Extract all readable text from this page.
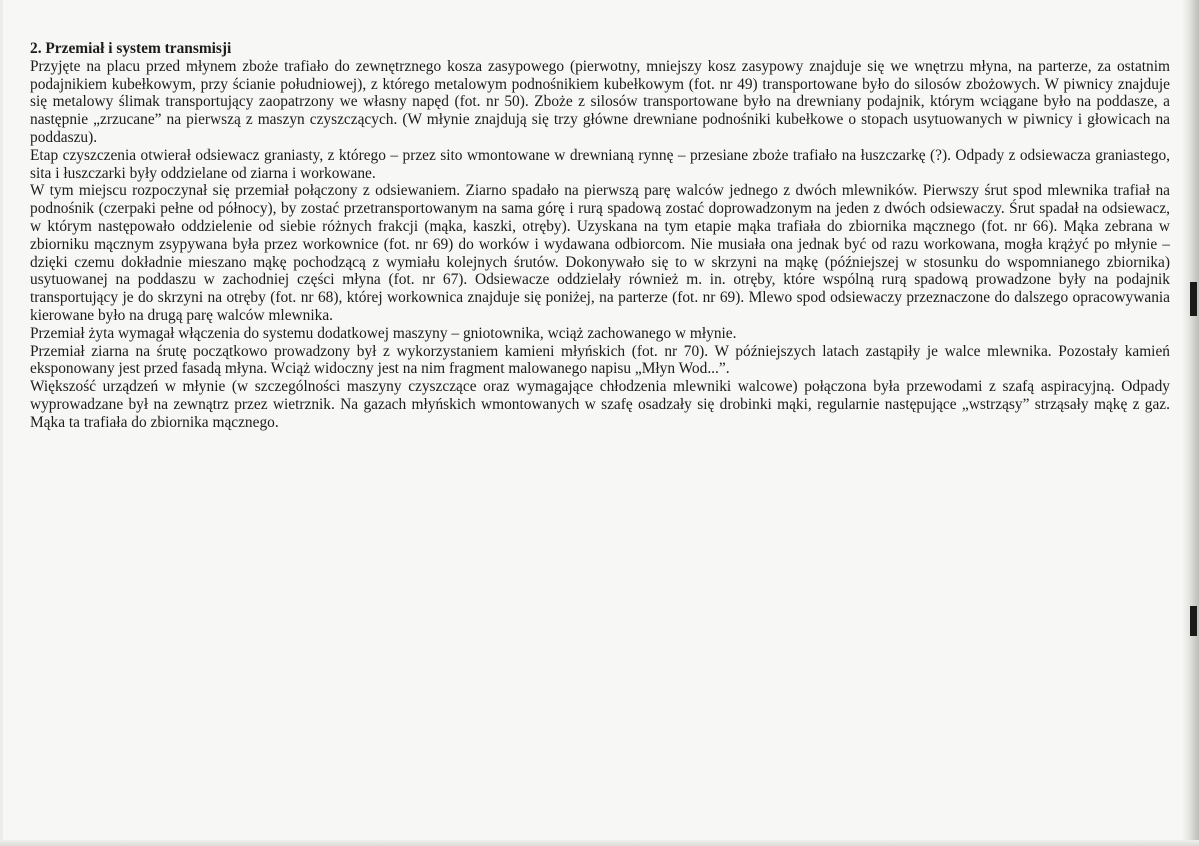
2. Przemiał i system transmisji

Przyjęte na placu przed młynem zboże trafiało do zewnętrznego kosza zasypowego (pierwotny, mniejszy kosz zasypowy znajduje się we wnętrzu młyna, na parterze, za ostatnim podajnikiem kubełkowym, przy ścianie południowej), z którego metalowym podnośnikiem kubełkowym (fot. nr 49) transportowane było do silosów zbożowych. W piwnicy znajduje się metalowy ślimak transportujący zaopatrzony we własny napęd (fot. nr 50). Zboże z silosów transportowane było na drewniany podajnik, którym wciągane było na poddasze, a następnie „zrzucane” na pierwszą z maszyn czyszczących. (W młynie znajdują się trzy główne drewniane podnośniki kubełkowe o stopach usytuowanych w piwnicy i głowicach na poddaszu).

Etap czyszczenia otwierał odsiewacz graniasty, z którego – przez sito wmontowane w drewnianą rynnę – przesiane zboże trafiało na łuszczarkę (?). Odpady z odsiewacza graniastego, sita i łuszczarki były oddzielane od ziarna i workowane.

W tym miejscu rozpoczynał się przemiał połączony z odsiewaniem. Ziarno spadało na pierwszą parę walców jednego z dwóch mlewników. Pierwszy śrut spod mlewnika trafiał na podnośnik (czerpaki pełne od północy), by zostać przetransportowanym na sama górę i rurą spadową zostać doprowadzonym na jeden z dwóch odsiewaczy. Śrut spadał na odsiewacz, w którym następowało oddzielenie od siebie różnych frakcji (mąka, kaszki, otręby). Uzyskana na tym etapie mąka trafiała do zbiornika mącznego (fot. nr 66). Mąka zebrana w zbiorniku mącznym zsypywana była przez workownice (fot. nr 69) do worków i wydawana odbiorcom. Nie musiała ona jednak być od razu workowana, mogła krążyć po młynie – dzięki czemu dokładnie mieszano mąkę pochodzącą z wymiału kolejnych śrutów. Dokonywało się to w skrzyni na mąkę (późniejszej w stosunku do wspomnianego zbiornika) usytuowanej na poddaszu w zachodniej części młyna (fot. nr 67). Odsiewacze oddzielały również m. in. otręby, które wspólną rurą spadową prowadzone były na podajnik transportujący je do skrzyni na otręby (fot. nr 68), której workownica znajduje się poniżej, na parterze (fot. nr 69). Mlewo spod odsiewaczy przeznaczone do dalszego opracowywania kierowane było na drugą parę walców mlewnika.

Przemiał żyta wymagał włączenia do systemu dodatkowej maszyny – gniotownika, wciąż zachowanego w młynie.

Przemiał ziarna na śrutę początkowo prowadzony był z wykorzystaniem kamieni młyńskich (fot. nr 70). W późniejszych latach zastąpiły je walce mlewnika. Pozostały kamień eksponowany jest przed fasadą młyna. Wciąż widoczny jest na nim fragment malowanego napisu „Młyn Wod...”.

Większość urządzeń w młynie (w szczególności maszyny czyszczące oraz wymagające chłodzenia mlewniki walcowe) połączona była przewodami z szafą aspiracyjną. Odpady wyprowadzane był na zewnątrz przez wietrznik. Na gazach młyńskich wmontowanych w szafę osadzały się drobinki mąki, regularnie następujące „wstrząsy” strząsały mąkę z gaz. Mąka ta trafiała do zbiornika mącznego.
